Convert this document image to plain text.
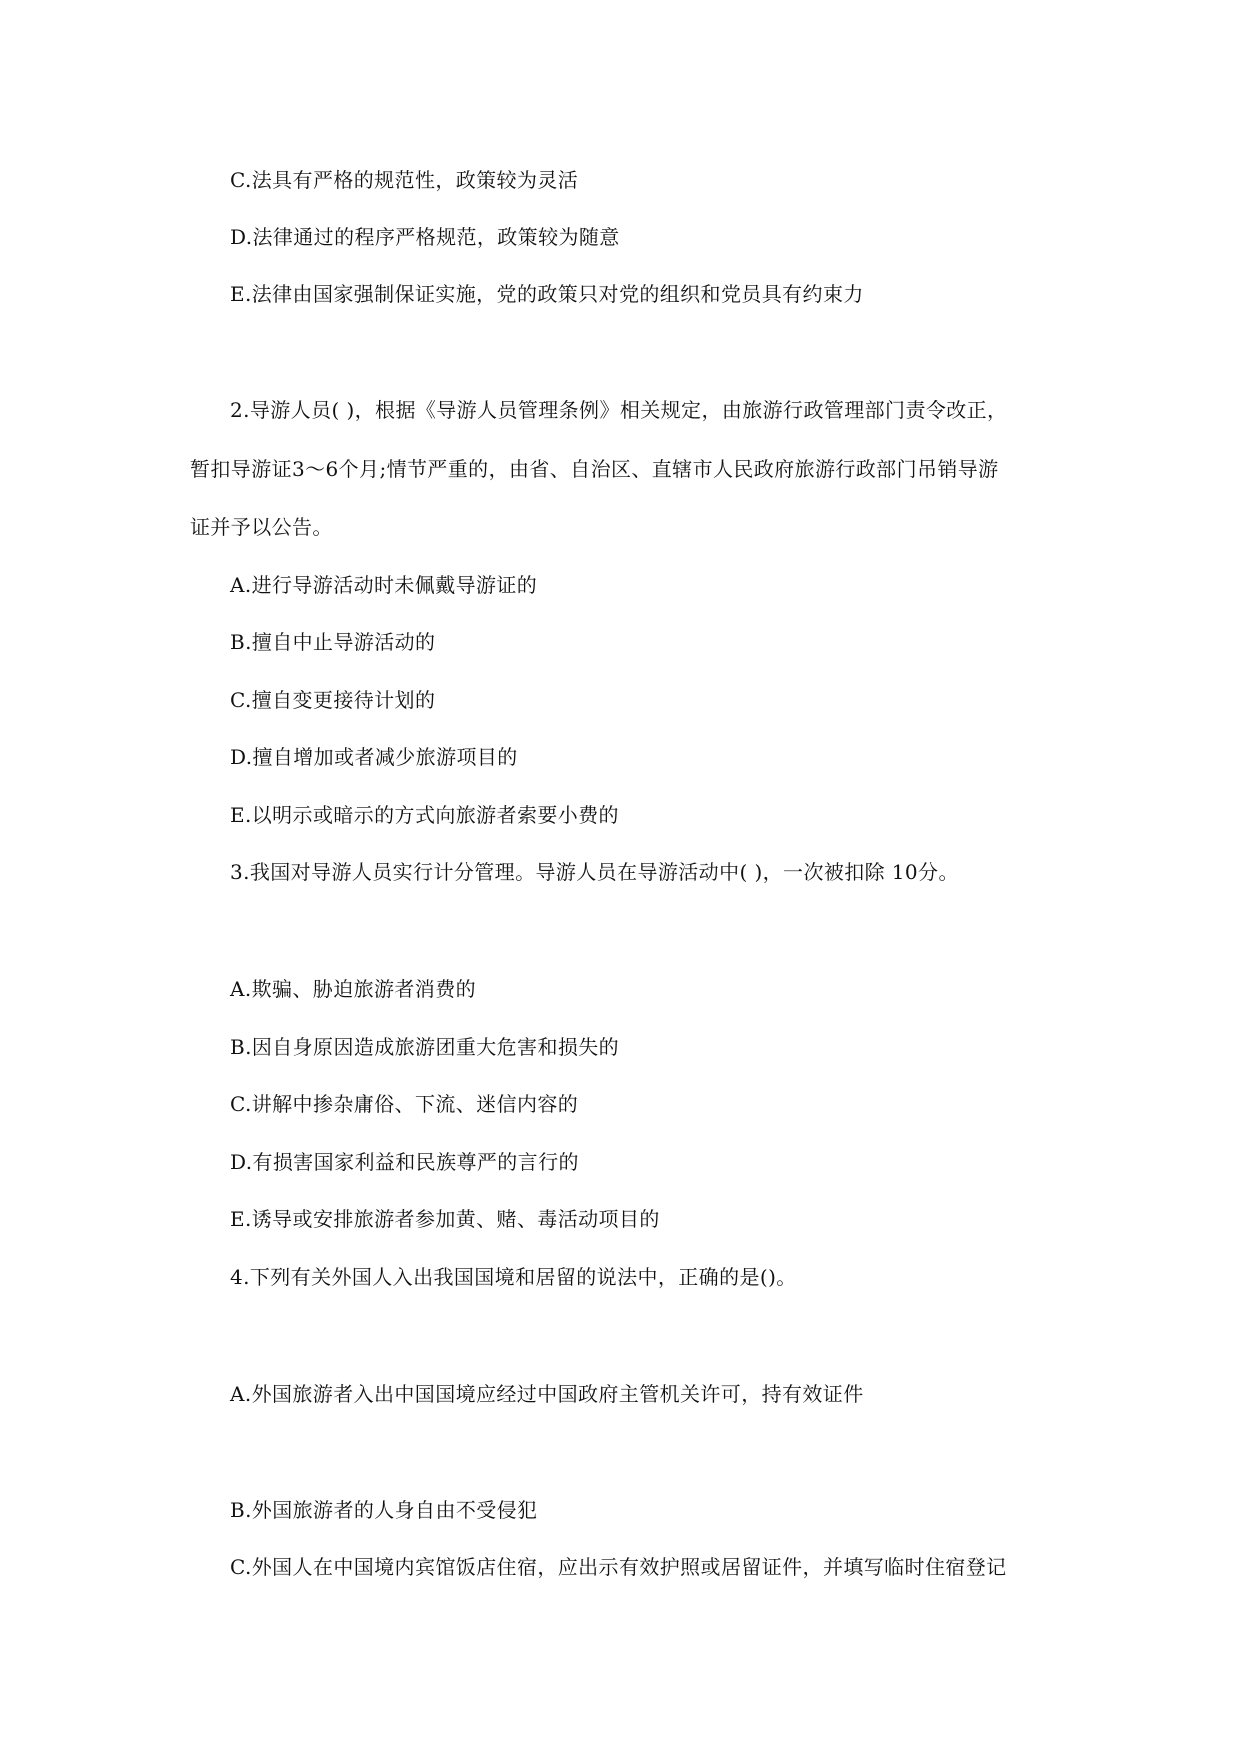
C.法具有严格的规范性，政策较为灵活
D.法律通过的程序严格规范，政策较为随意
E.法律由国家强制保证实施，党的政策只对党的组织和党员具有约束力
2.导游人员( )，根据《导游人员管理条例》相关规定，由旅游行政管理部门责令改正，
暂扣导游证3～6个月;情节严重的，由省、自治区、直辖市人民政府旅游行政部门吊销导游
证并予以公告。
A.进行导游活动时未佩戴导游证的
B.擅自中止导游活动的
C.擅自变更接待计划的
D.擅自增加或者减少旅游项目的
E.以明示或暗示的方式向旅游者索要小费的
3.我国对导游人员实行计分管理。导游人员在导游活动中( )，一次被扣除 10分。
A.欺骗、胁迫旅游者消费的
B.因自身原因造成旅游团重大危害和损失的
C.讲解中掺杂庸俗、下流、迷信内容的
D.有损害国家利益和民族尊严的言行的
E.诱导或安排旅游者参加黄、赌、毒活动项目的
4.下列有关外国人入出我国国境和居留的说法中，正确的是()。
A.外国旅游者入出中国国境应经过中国政府主管机关许可，持有效证件
B.外国旅游者的人身自由不受侵犯
C.外国人在中国境内宾馆饭店住宿，应出示有效护照或居留证件，并填写临时住宿登记
